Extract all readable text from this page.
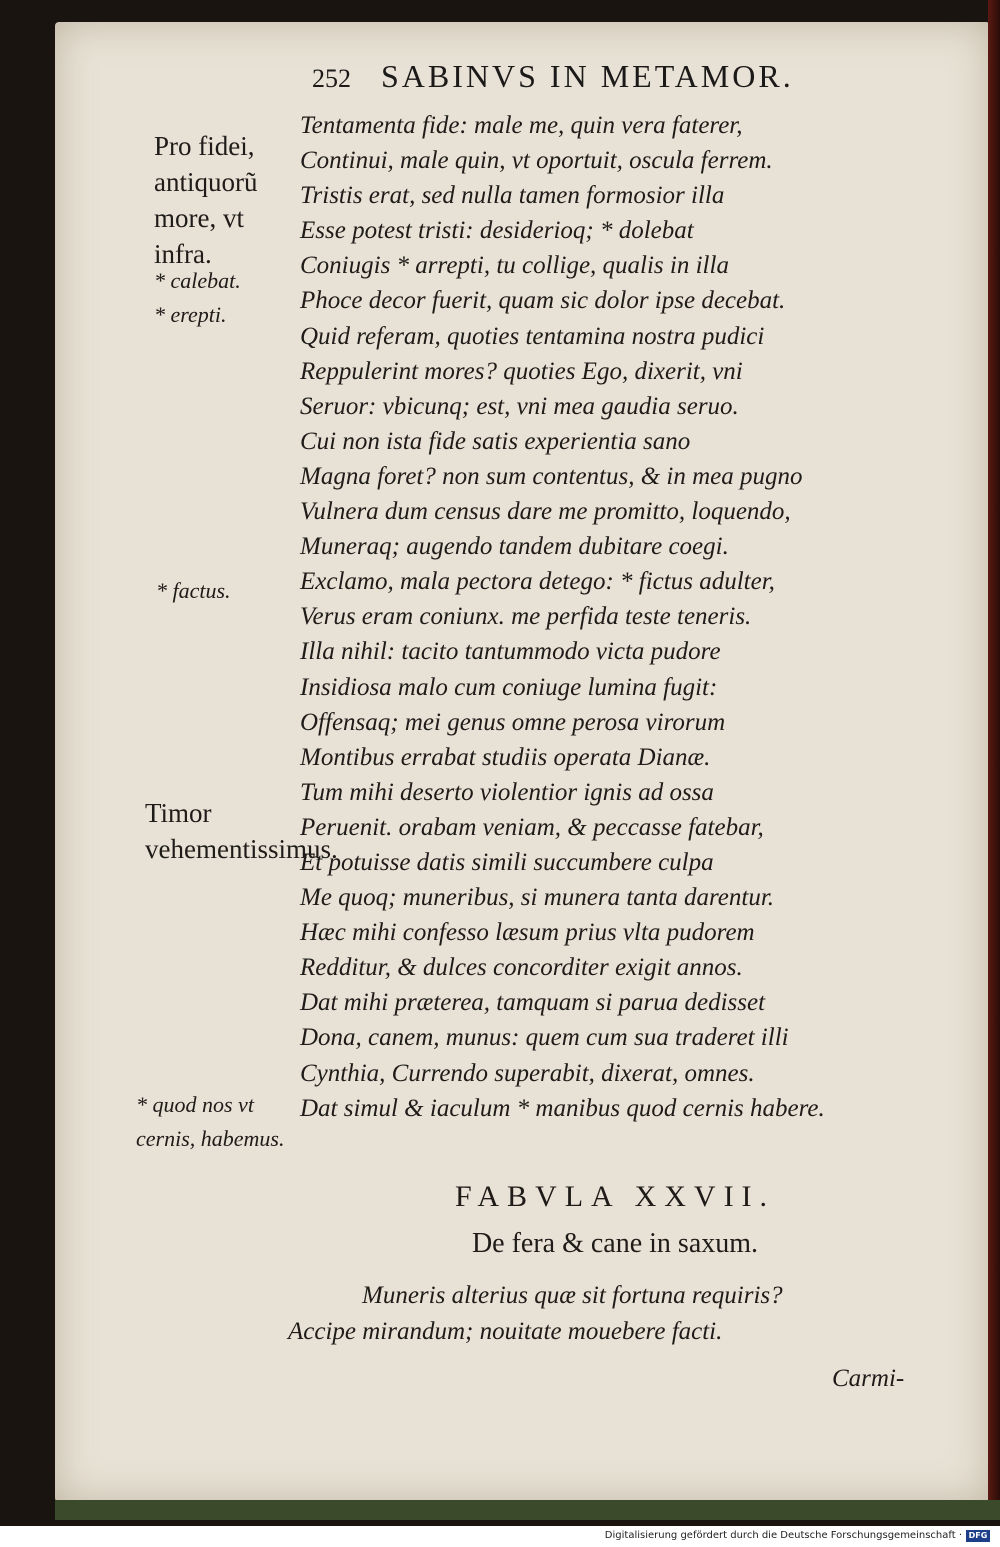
252 SABINVS IN METAMOR.

Pro fidei, antiquorũ more, vt infra.

* calebat.

* erepti.

* factus.

Timor vehementissimus.

* quod nos vt cernis, habemus.

Tentamenta fide: male me, quin vera faterer,
Continui, male quin, vt oportuit, oscula ferrem.
Tristis erat, sed nulla tamen formosior illa
Esse potest tristi: desiderioq; * dolebat
Coniugis * arrepti, tu collige, qualis in illa
Phoce decor fuerit, quam sic dolor ipse decebat.
Quid referam, quoties tentamina nostra pudici
Reppulerint mores? quoties Ego, dixerit, vni
Seruor: vbicunq; est, vni mea gaudia seruo.
Cui non ista fide satis experientia sano
Magna foret? non sum contentus, & in mea pugno
Vulnera dum census dare me promitto, loquendo,
Muneraq; augendo tandem dubitare coegi.
Exclamo, mala pectora detego: * fictus adulter,
Verus eram coniunx. me perfida teste teneris.
Illa nihil: tacito tantummodo victa pudore
Insidiosa malo cum coniuge lumina fugit:
Offensaq; mei genus omne perosa virorum
Montibus errabat studiis operata Dianæ.
Tum mihi deserto violentior ignis ad ossa
Peruenit. orabam veniam, & peccasse fatebar,
Et potuisse datis simili succumbere culpa
Me quoq; muneribus, si munera tanta darentur.
Hæc mihi confesso læsum prius vlta pudorem
Redditur, & dulces concorditer exigit annos.
Dat mihi præterea, tamquam si parua dedisset
Dona, canem, munus: quem cum sua traderet illi
Cynthia, Currendo superabit, dixerat, omnes.
Dat simul & iaculum * manibus quod cernis habere.
FABVLA XXVII.
De fera & cane in saxum.
Muneris alterius quæ sit fortuna requiris?
Accipe mirandum; nouitate mouebere facti.
Carmi-
Digitalisierung gefördert durch die Deutsche Forschungsgemeinschaft · DFG
